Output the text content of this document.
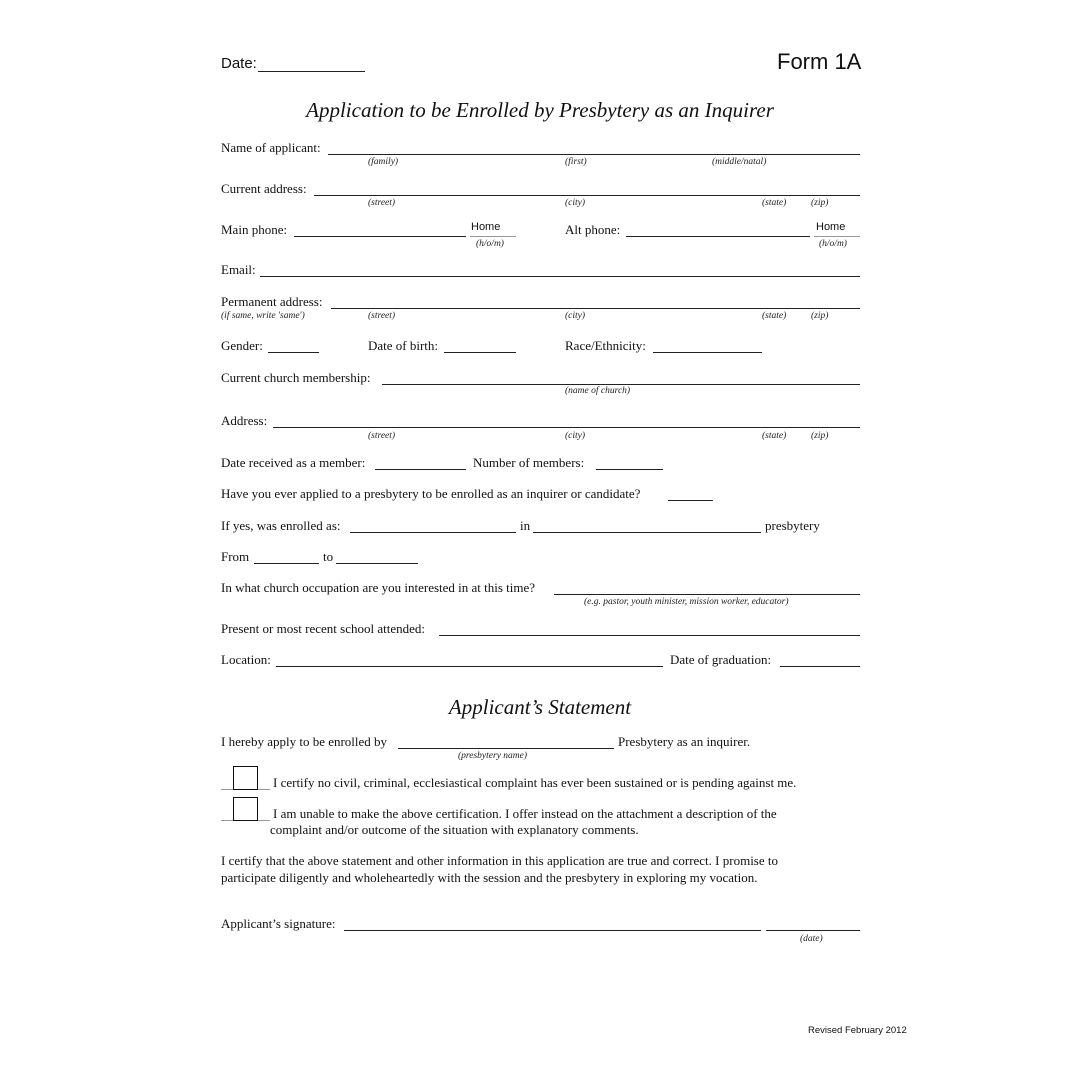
Date:	Form 1A
Application to be Enrolled by Presbytery as an Inquirer
Name of applicant:
(family)	(first)	(middle/natal)
Current address:
(street)	(city)	(state)	(zip)
Main phone:	Home
(h/o/m)
Alt phone:	Home
(h/o/m)
Email:
Permanent address:
(if same, write 'same')	(street)	(city)	(state)	(zip)
Gender:	Date of birth:	Race/Ethnicity:
Current church membership:
(name of church)
Address:
(street)	(city)	(state)	(zip)
Date received as a member:	Number of members:
Have you ever applied to a presbytery to be enrolled as an inquirer or candidate?
If yes, was enrolled as:	in	presbytery
From	to
In what church occupation are you interested in at this time?
(e.g. pastor, youth minister, mission worker, educator)
Present or most recent school attended:
Location:	Date of graduation:
Applicant’s Statement
I hereby apply to be enrolled by	Presbytery as an inquirer.
(presbytery name)
I certify no civil, criminal, ecclesiastical complaint has ever been sustained or is pending against me.
I am unable to make the above certification. I offer instead on the attachment a description of the
complaint and/or outcome of the situation with explanatory comments.
I certify that the above statement and other information in this application are true and correct. I promise to
participate diligently and wholeheartedly with the session and the presbytery in exploring my vocation.
Applicant’s signature:
(date)
Revised February 2012
